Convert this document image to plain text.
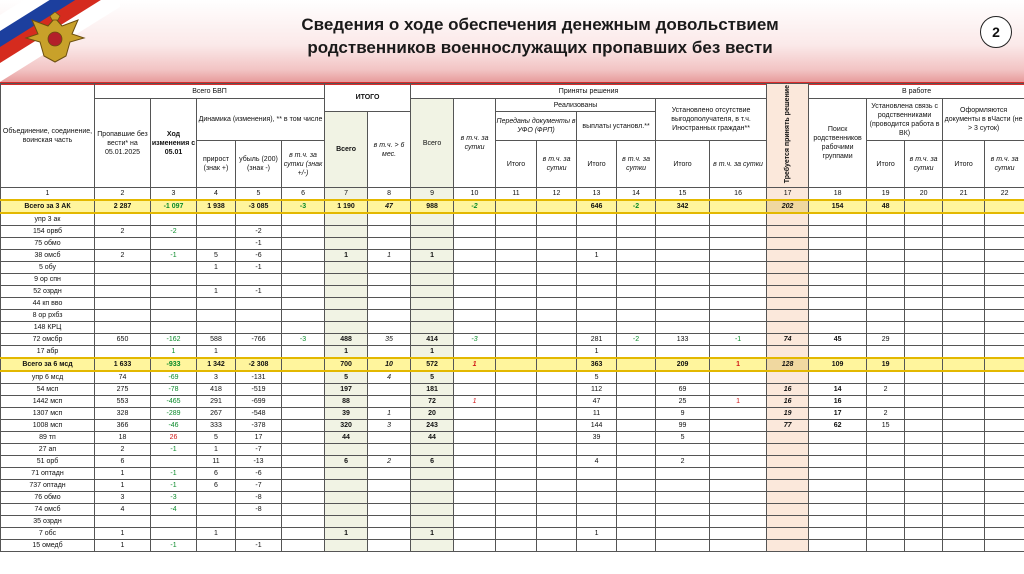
Сведения о ходе обеспечения денежным довольствием
родственников военнослужащих пропавших без вести
2
Объединение, соединение, воинская часть	Всего БВП					ИТОГО		Приняты решения								Требуется принять решение	В работе				
	Пропавшие без вести* на 05.01.2025	Ход изменения с 05.01	Динамика (изменения), ** в том числе					Всего	в т.ч. за сутки	Реализованы				Установлено отсутствие выгодополучателя, в т.ч. Иностранных граждан**			Поиск родственников рабочими группами	Установлена связь с родственниками (проводится работа в ВК)		Оформляются документы в вЧасти (не > 3 суток)	
						Всего	в т.ч. > 6 мес.			Переданы документы в УФО (ФРП)		выплаты установл.**									
			прирост (знак +)	убыль (200) (знак -)	в т.ч. за сутки (знак +/-)					Итого	в т.ч. за сутки	Итого	в т.ч. за сутки	Итого	в т.ч. за сутки			Итого	в т.ч. за сутки	Итого	в т.ч. за сутки
1	2	3	4	5	6	7	8	9	10	11	12	13	14	15	16	17	18	19	20	21	22
Всего за 3 АК	2 287	-1 097	1 938	-3 085	-3	1 190	47	988	-2			646	-2	342		202	154	48			
упр 3 ак																					
154 орвб	2	-2		-2																	
75 обмо				-1																	
38 омсб	2	-1	5	-6		1	1	1				1									
5 обу			1	-1																	
9 ор спн																					
52 озрдн			1	-1																	
44 кп вво																					
8 ор рхбз																					
148 КРЦ																					
72 омсбр	650	-162	588	-766	-3	488	35	414	-3			281	-2	133	-1	74	45	29			
17 абр		1	1			1		1				1									
Всего за 6 мсд	1 633	-933	1 342	-2 308		700	10	572	1			363		209	1	128	109	19			
упр 6 мсд	74	-69	3	-131		5	4	5				5									
54 мсп	275	-78	418	-519		197		181				112		69		16	14	2			
1442 мсп	553	-465	291	-699		88		72	1			47		25	1	16	16				
1307 мсп	328	-289	267	-548		39	1	20				11		9		19	17	2			
1008 мсп	366	-46	333	-378		320	3	243				144		99		77	62	15			
89 тп	18	26	5	17		44		44				39		5							
27 ап	2	-1	1	-7																	
51 орб	6		11	-13		6	2	6				4		2							
71 оптадн	1	-1	6	-6																	
737 оптадн	1	-1	6	-7																	
76 обмо	3	-3		-8																	
74 омсб	4	-4		-8																	
35 озрдн																					
7 обс	1		1			1		1				1									
15 омедб	1	-1		-1																	
